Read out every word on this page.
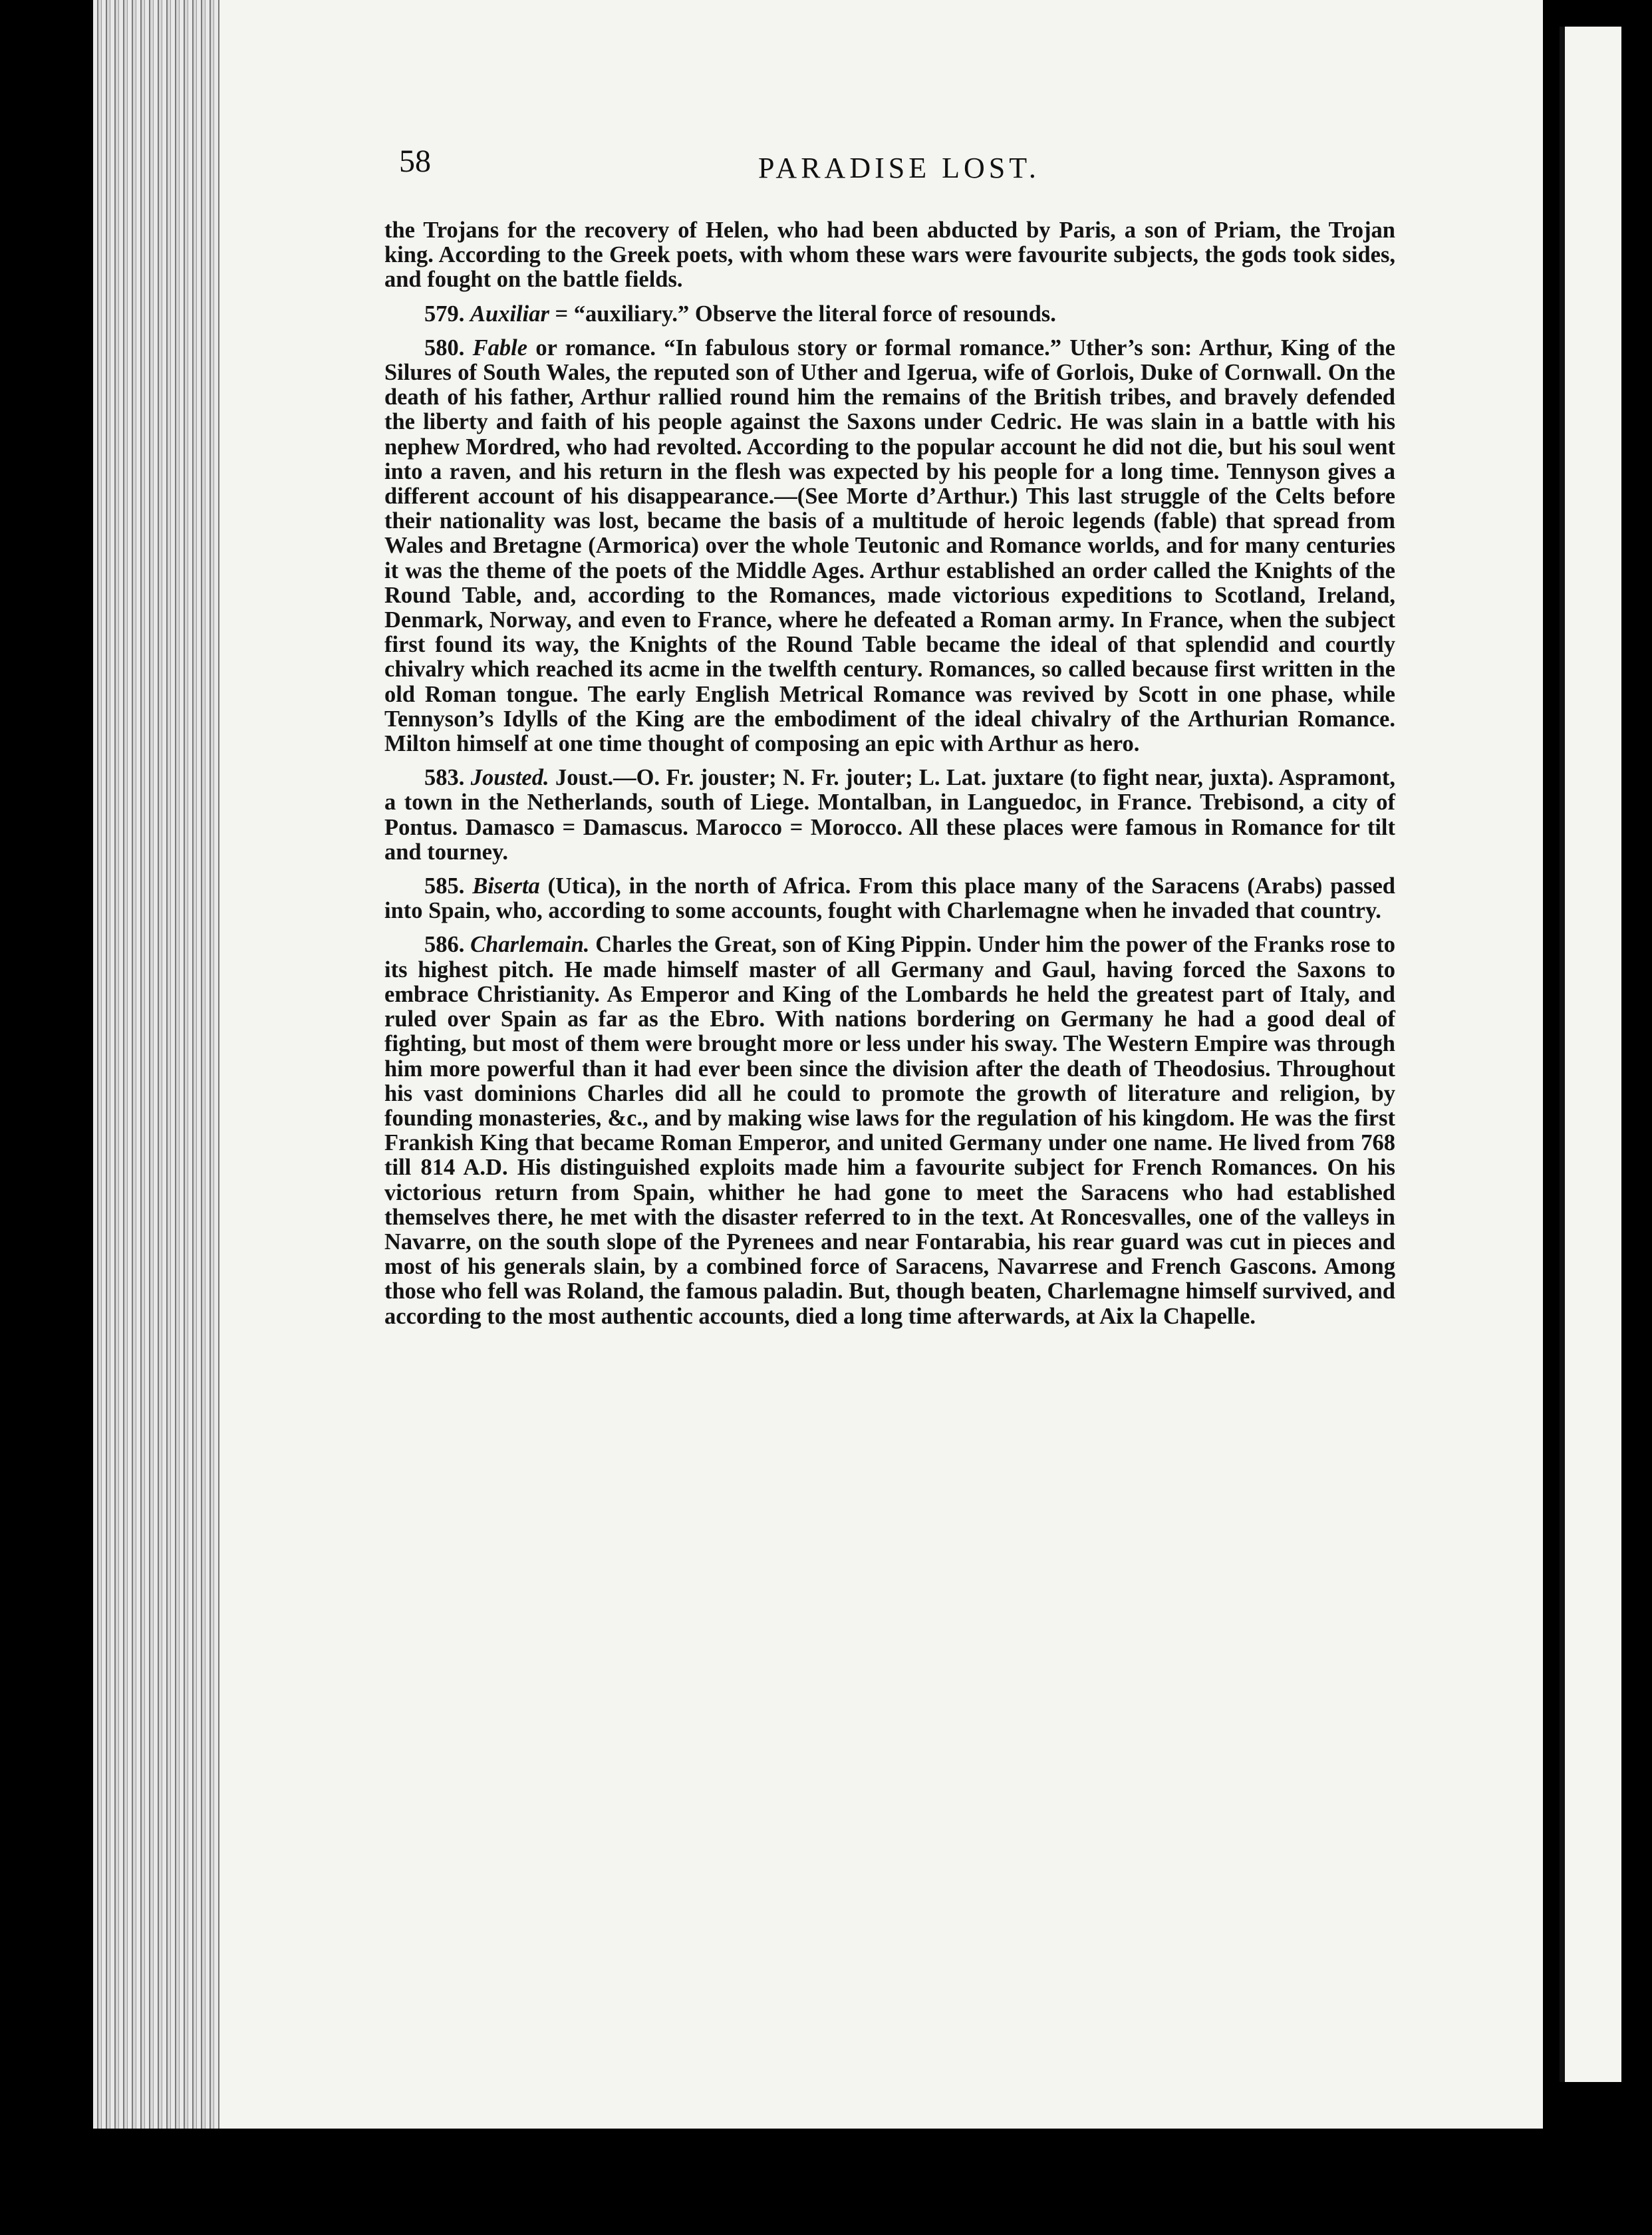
58	PARADISE LOST.

the Trojans for the recovery of Helen, who had been abducted by Paris, a son of Priam, the Trojan king. According to the Greek poets, with whom these wars were favourite subjects, the gods took sides, and fought on the battle fields.

579. Auxiliar = “auxiliary.” Observe the literal force of resounds.

580. Fable or romance. “In fabulous story or formal romance.” Uther’s son: Arthur, King of the Silures of South Wales, the reputed son of Uther and Igerua, wife of Gorlois, Duke of Cornwall. On the death of his father, Arthur rallied round him the remains of the British tribes, and bravely defended the liberty and faith of his people against the Saxons under Cedric. He was slain in a battle with his nephew Mordred, who had revolted. According to the popular account he did not die, but his soul went into a raven, and his return in the flesh was expected by his people for a long time. Tennyson gives a different account of his disappearance.—(See Morte d’Arthur.) This last struggle of the Celts before their nationality was lost, became the basis of a multitude of heroic legends (fable) that spread from Wales and Bretagne (Armorica) over the whole Teutonic and Romance worlds, and for many centuries it was the theme of the poets of the Middle Ages. Arthur established an order called the Knights of the Round Table, and, according to the Romances, made victorious expeditions to Scotland, Ireland, Denmark, Norway, and even to France, where he defeated a Roman army. In France, when the subject first found its way, the Knights of the Round Table became the ideal of that splendid and courtly chivalry which reached its acme in the twelfth century. Romances, so called because first written in the old Roman tongue. The early English Metrical Romance was revived by Scott in one phase, while Tennyson’s Idylls of the King are the embodiment of the ideal chivalry of the Arthurian Romance. Milton himself at one time thought of composing an epic with Arthur as hero.

583. Jousted. Joust.—O. Fr. jouster; N. Fr. jouter; L. Lat. juxtare (to fight near, juxta). Aspramont, a town in the Netherlands, south of Liege. Montalban, in Languedoc, in France. Trebisond, a city of Pontus. Damasco = Damascus. Marocco = Morocco. All these places were famous in Romance for tilt and tourney.

585. Biserta (Utica), in the north of Africa. From this place many of the Saracens (Arabs) passed into Spain, who, according to some accounts, fought with Charlemagne when he invaded that country.

586. Charlemain. Charles the Great, son of King Pippin. Under him the power of the Franks rose to its highest pitch. He made himself master of all Germany and Gaul, having forced the Saxons to embrace Christianity. As Emperor and King of the Lombards he held the greatest part of Italy, and ruled over Spain as far as the Ebro. With nations bordering on Germany he had a good deal of fighting, but most of them were brought more or less under his sway. The Western Empire was through him more powerful than it had ever been since the division after the death of Theodosius. Throughout his vast dominions Charles did all he could to promote the growth of literature and religion, by founding monasteries, &c., and by making wise laws for the regulation of his kingdom. He was the first Frankish King that became Roman Emperor, and united Germany under one name. He lived from 768 till 814 A.D. His distinguished exploits made him a favourite subject for French Romances. On his victorious return from Spain, whither he had gone to meet the Saracens who had established themselves there, he met with the disaster referred to in the text. At Roncesvalles, one of the valleys in Navarre, on the south slope of the Pyrenees and near Fontarabia, his rear guard was cut in pieces and most of his generals slain, by a combined force of Saracens, Navarrese and French Gascons. Among those who fell was Roland, the famous paladin. But, though beaten, Charlemagne himself survived, and according to the most authentic accounts, died a long time afterwards, at Aix la Chapelle.
